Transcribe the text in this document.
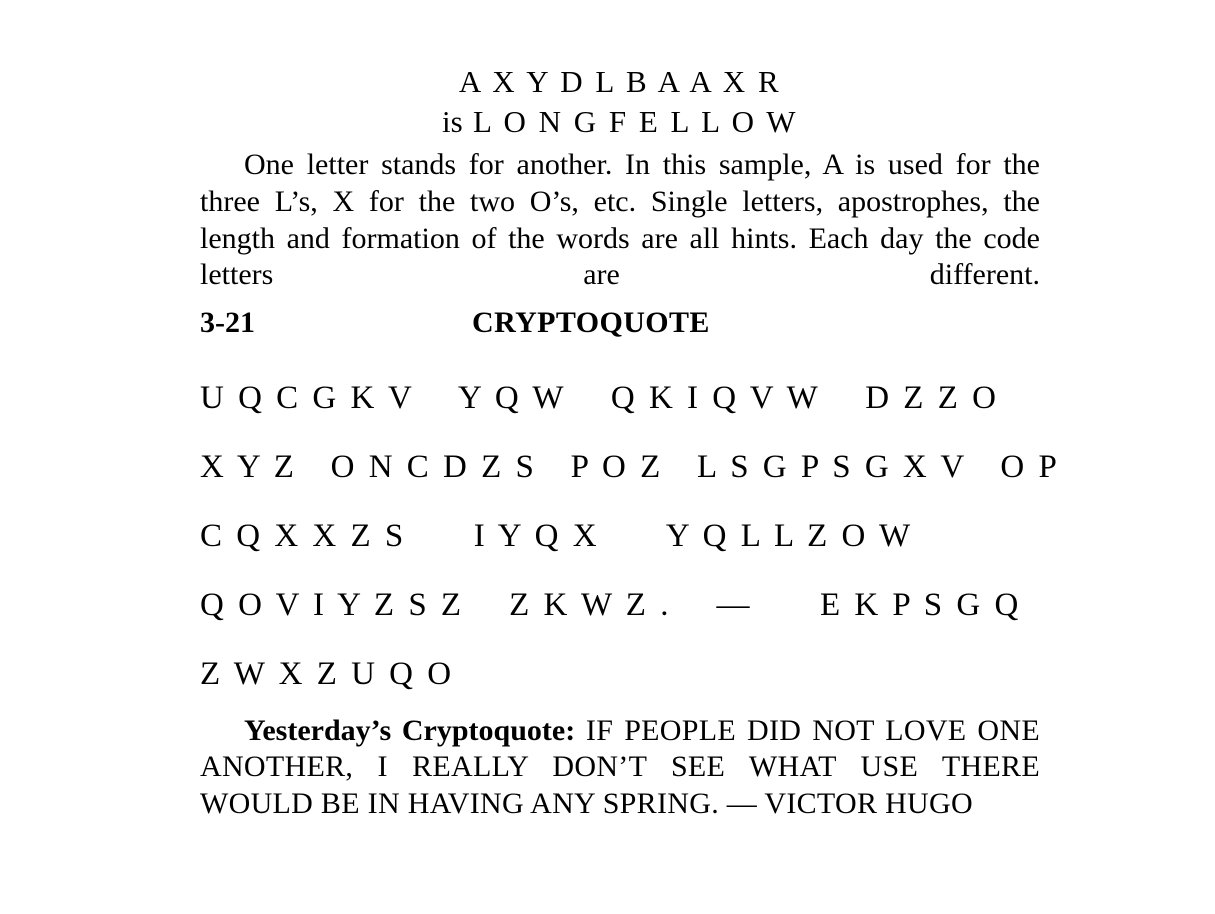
A X Y D L B A A X R
is L O N G F E L L O W
One letter stands for another. In this sample, A is used for the three L’s, X for the two O’s, etc. Single letters, apostrophes, the length and formation of the words are all hints. Each day the code letters are different.
3-21	CRYPTOQUOTE
U Q C G K V    Y Q W    Q K I Q V W    D Z Z O
X Y Z   O N C D Z S   P O Z   L S G P S G X V   O P
C Q X X Z S      I Y Q X      Y Q L L Z O W
Q O V I Y Z S Z    Z K W Z .    —      E K P S G Q
Z W X Z U Q O
Yesterday’s Cryptoquote: IF PEOPLE DID NOT LOVE ONE ANOTHER, I REALLY DON’T SEE WHAT USE THERE WOULD BE IN HAVING ANY SPRING. — VICTOR HUGO
